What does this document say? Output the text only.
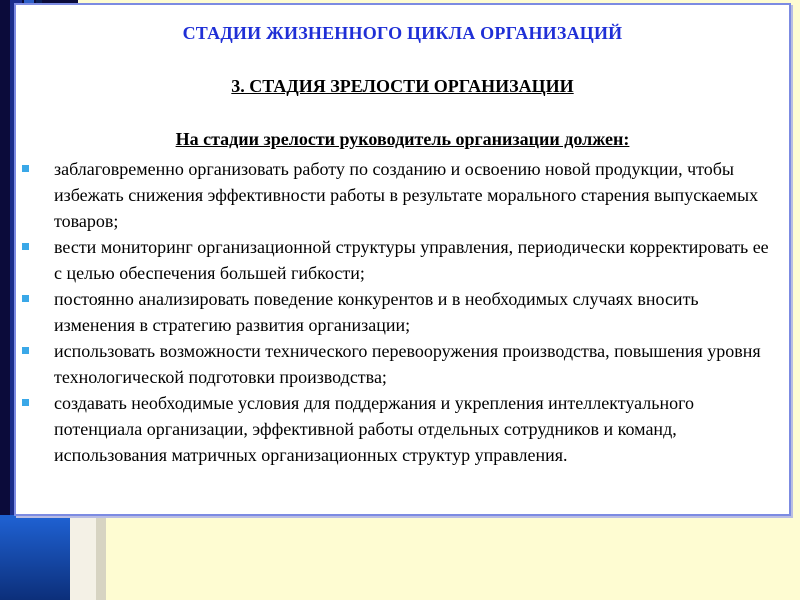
СТАДИИ ЖИЗНЕННОГО ЦИКЛА ОРГАНИЗАЦИЙ
3. СТАДИЯ ЗРЕЛОСТИ ОРГАНИЗАЦИИ
На стадии зрелости руководитель организации должен:
заблаговременно организовать работу по созданию и освоению новой продукции, чтобы избежать снижения эффективности работы в результате морального старения выпускаемых товаров;
вести мониторинг организационной структуры управления, периодически корректировать ее с целью обеспечения большей гибкости;
постоянно анализировать поведение конкурентов и в необходимых случаях вносить изменения в стратегию развития организации;
использовать возможности технического перевооружения производства, повышения уровня технологической подготовки производства;
создавать необходимые условия для поддержания и укрепления интеллектуального потенциала организации, эффективной работы отдельных сотрудников и команд, использования матричных организационных структур управления.
